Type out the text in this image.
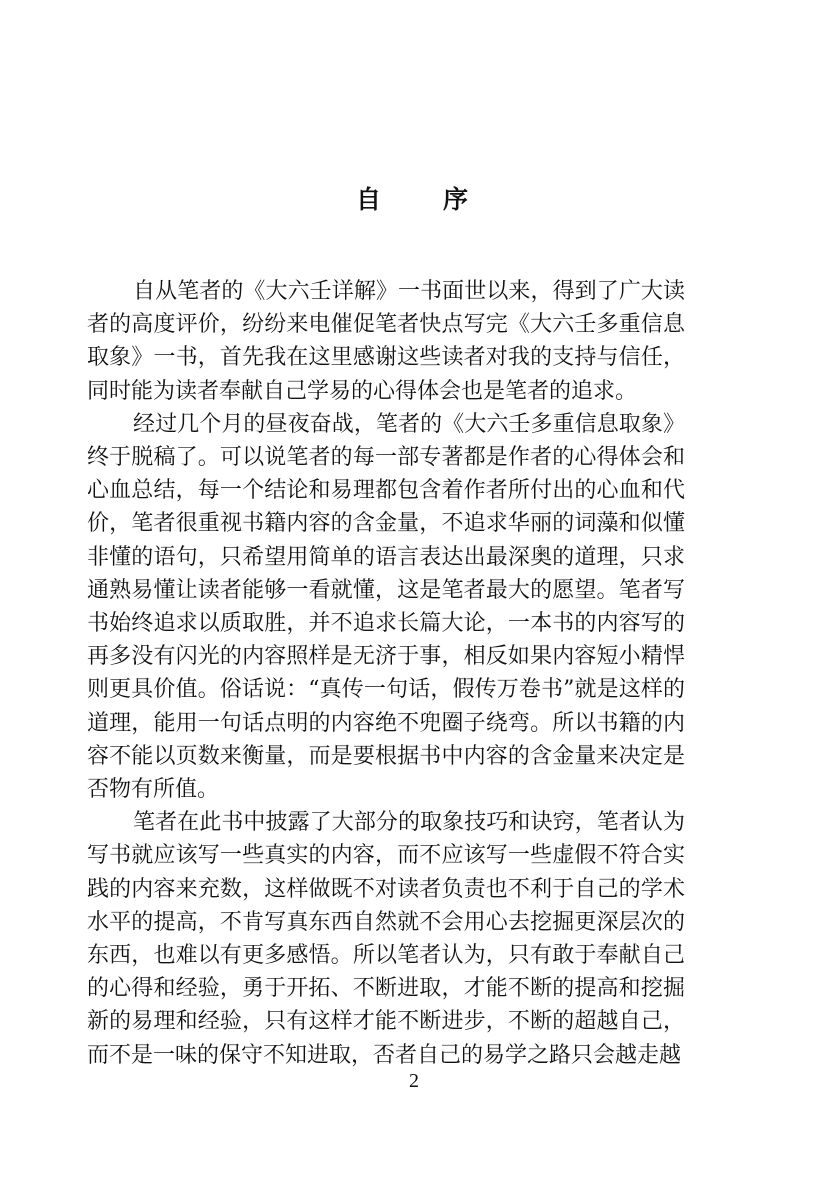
自　　序

自从笔者的《大六壬详解》一书面世以来，得到了广大读者的高度评价，纷纷来电催促笔者快点写完《大六壬多重信息取象》一书，首先我在这里感谢这些读者对我的支持与信任，同时能为读者奉献自己学易的心得体会也是笔者的追求。

经过几个月的昼夜奋战，笔者的《大六壬多重信息取象》终于脱稿了。可以说笔者的每一部专著都是作者的心得体会和心血总结，每一个结论和易理都包含着作者所付出的心血和代价，笔者很重视书籍内容的含金量，不追求华丽的词藻和似懂非懂的语句，只希望用简单的语言表达出最深奥的道理，只求通熟易懂让读者能够一看就懂，这是笔者最大的愿望。笔者写书始终追求以质取胜，并不追求长篇大论，一本书的内容写的再多没有闪光的内容照样是无济于事，相反如果内容短小精悍则更具价值。俗话说：“真传一句话，假传万卷书”就是这样的道理，能用一句话点明的内容绝不兜圈子绕弯。所以书籍的内容不能以页数来衡量，而是要根据书中内容的含金量来决定是否物有所值。

笔者在此书中披露了大部分的取象技巧和诀窍，笔者认为写书就应该写一些真实的内容，而不应该写一些虚假不符合实践的内容来充数，这样做既不对读者负责也不利于自己的学术水平的提高，不肯写真东西自然就不会用心去挖掘更深层次的东西，也难以有更多感悟。所以笔者认为，只有敢于奉献自己的心得和经验，勇于开拓、不断进取，才能不断的提高和挖掘新的易理和经验，只有这样才能不断进步，不断的超越自己，而不是一味的保守不知进取，否者自己的易学之路只会越走越

2
